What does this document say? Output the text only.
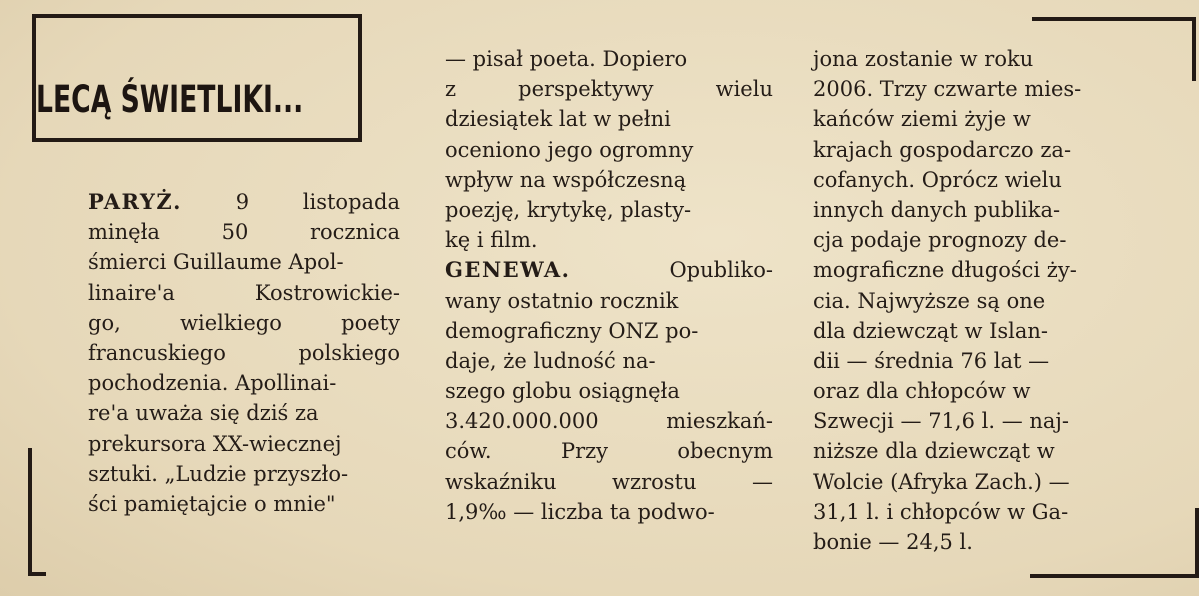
LECĄ ŚWIETLIKI...
PARYŻ.	9	listopada
minęła	50	rocznica
śmierci Guillaume Apol-
linaire'a	Kostrowickie-
go,	wielkiego	poety
francuskiego	polskiego
pochodzenia. Apollinai-
re'a uważa się dziś za
prekursora XX-wiecznej
sztuki. „Ludzie przyszło-
ści pamiętajcie o mnie"
— pisał poeta. Dopiero
z	perspektywy	wielu
dziesiątek lat w pełni
oceniono jego ogromny
wpływ na współczesną
poezję, krytykę, plasty-
kę i film.
GENEWA.	Opubliko-
wany ostatnio rocznik
demograficzny ONZ po-
daje, że ludność na-
szego globu osiągnęła
3.420.000.000	mieszkań-
ców.	Przy	obecnym
wskaźniku	wzrostu	—
1,9‰ — liczba ta podwo-
jona zostanie w roku
2006. Trzy czwarte mies-
kańców ziemi żyje w
krajach gospodarczo za-
cofanych. Oprócz wielu
innych danych publika-
cja podaje prognozy de-
mograficzne długości ży-
cia. Najwyższe są one
dla dziewcząt w Islan-
dii — średnia 76 lat —
oraz dla chłopców w
Szwecji — 71,6 l. — naj-
niższe dla dziewcząt w
Wolcie (Afryka Zach.) —
31,1 l. i chłopców w Ga-
bonie — 24,5 l.
